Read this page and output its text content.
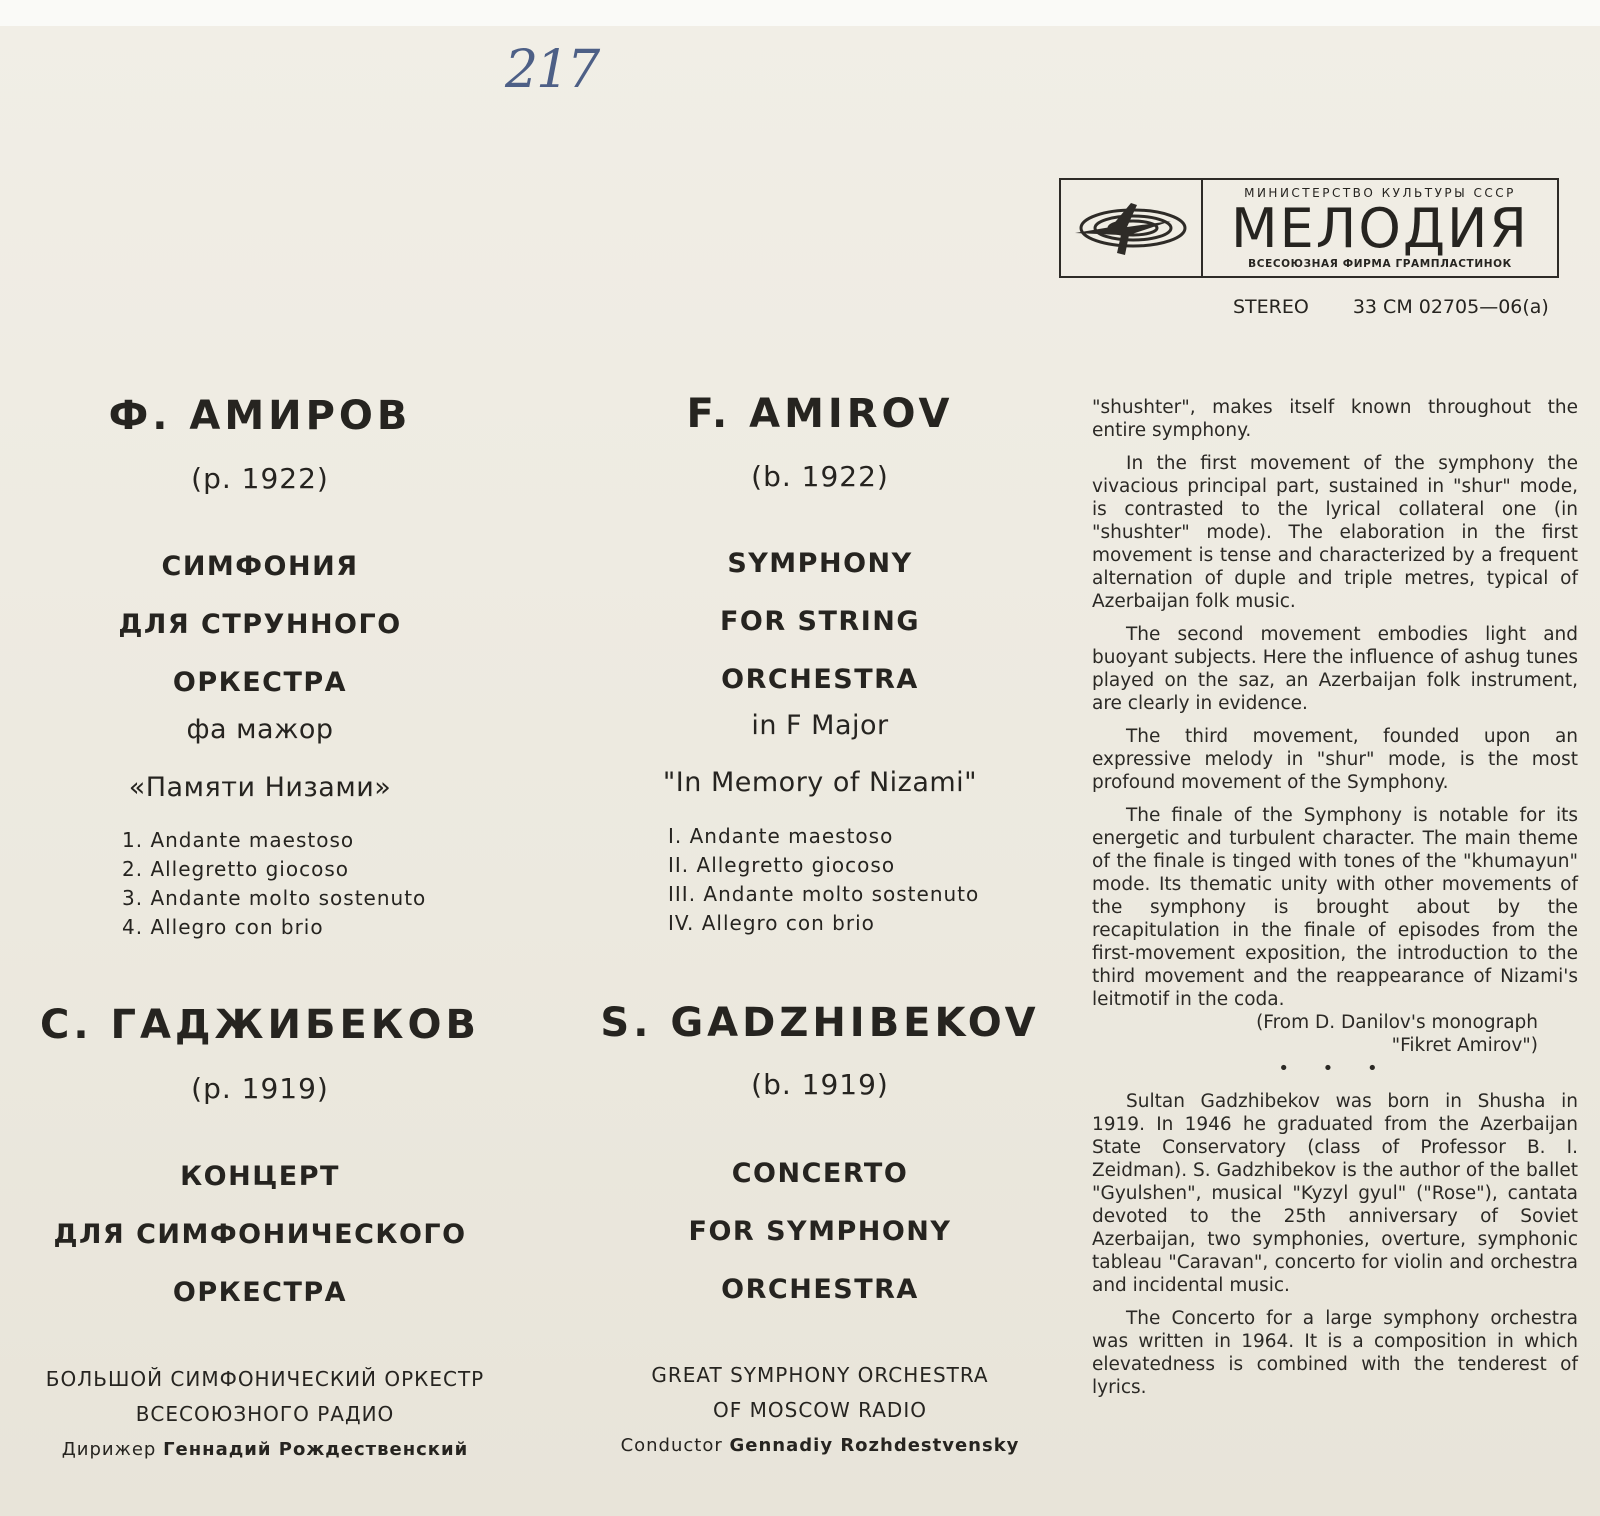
217
МИНИСТЕРСТВО КУЛЬТУРЫ СССР
МЕЛОДИЯ
ВСЕСОЮЗНАЯ ФИРМА ГРАМПЛАСТИНОК
STEREO 33 СМ 02705—06(а)
Ф. АМИРОВ
(р. 1922)
СИМФОНИЯ
ДЛЯ СТРУННОГО
ОРКЕСТРА
фа мажор
«Памяти Низами»
1. Andante maestoso
2. Allegretto giocoso
3. Andante molto sostenuto
4. Allegro con brio
С. ГАДЖИБЕКОВ
(р. 1919)
КОНЦЕРТ
ДЛЯ СИМФОНИЧЕСКОГО
ОРКЕСТРА
БОЛЬШОЙ СИМФОНИЧЕСКИЙ ОРКЕСТР
ВСЕСОЮЗНОГО РАДИО
Дирижер Геннадий Рождественский
F. AMIROV
(b. 1922)
SYMPHONY
FOR STRING
ORCHESTRA
in F Major
"In Memory of Nizami"
I. Andante maestoso
II. Allegretto giocoso
III. Andante molto sostenuto
IV. Allegro con brio
S. GADZHIBEKOV
(b. 1919)
CONCERTO
FOR SYMPHONY
ORCHESTRA
GREAT SYMPHONY ORCHESTRA
OF MOSCOW RADIO
Conductor Gennadiy Rozhdestvensky

"shushter", makes itself known throughout the entire symphony.

In the first movement of the symphony the vivacious principal part, sustained in "shur" mode, is contrasted to the lyrical collateral one (in "shushter" mode). The elaboration in the first movement is tense and characterized by a frequent alternation of duple and triple metres, typical of Azerbaijan folk music.

The second movement embodies light and buoyant subjects. Here the influence of ashug tunes played on the saz, an Azerbaijan folk instrument, are clearly in evidence.

The third movement, founded upon an expressive melody in "shur" mode, is the most profound movement of the Symphony.

The finale of the Symphony is notable for its energetic and turbulent character. The main theme of the finale is tinged with tones of the "khumayun" mode. Its thematic unity with other movements of the symphony is brought about by the recapitulation in the finale of episodes from the first-movement exposition, the introduction to the third movement and the reappearance of Nizami's leitmotif in the coda.

(From D. Danilov's monograph
"Fikret Amirov")

• • •

Sultan Gadzhibekov was born in Shusha in 1919. In 1946 he graduated from the Azerbaijan State Conservatory (class of Professor B. I. Zeidman). S. Gadzhibekov is the author of the ballet "Gyulshen", musical "Kyzyl gyul" ("Rose"), cantata devoted to the 25th anniversary of Soviet Azerbaijan, two symphonies, overture, symphonic tableau "Caravan", concerto for violin and orchestra and incidental music.

The Concerto for a large symphony orchestra was written in 1964. It is a composition in which elevatedness is combined with the tenderest of lyrics.
